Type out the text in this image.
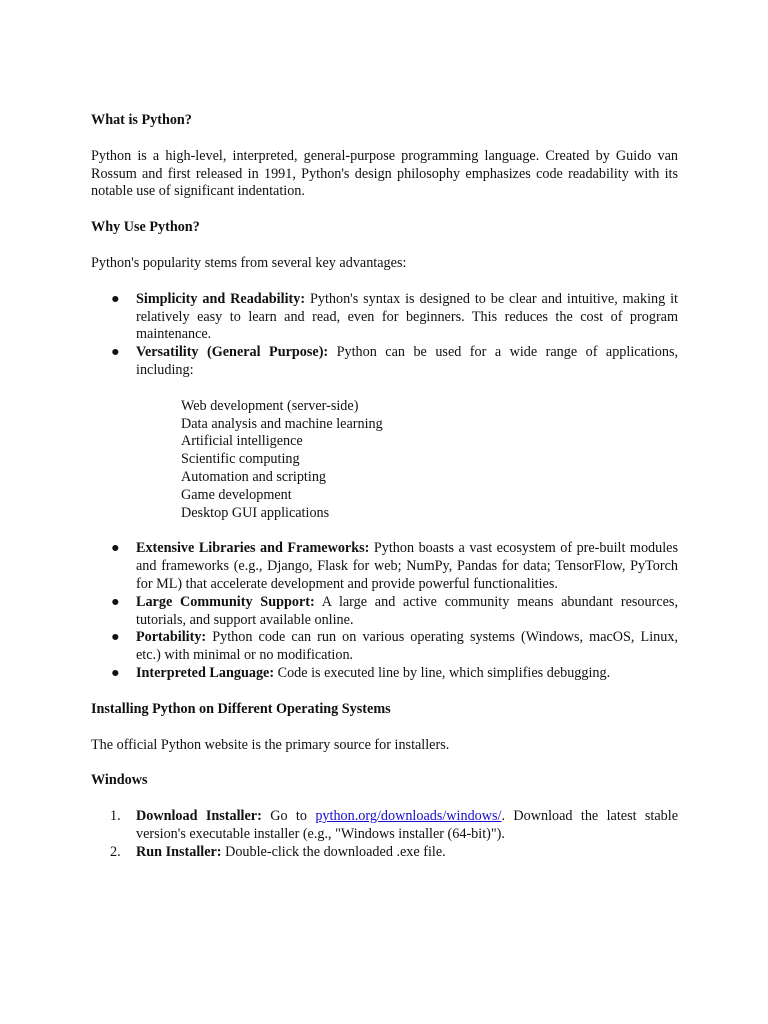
What is Python?
Python is a high-level, interpreted, general-purpose programming language. Created by Guido van Rossum and first released in 1991, Python's design philosophy emphasizes code readability with its notable use of significant indentation.
Why Use Python?
Python's popularity stems from several key advantages:
● Simplicity and Readability: Python's syntax is designed to be clear and intuitive, making it relatively easy to learn and read, even for beginners. This reduces the cost of program maintenance.
● Versatility (General Purpose): Python can be used for a wide range of applications, including:
Web development (server-side)
Data analysis and machine learning
Artificial intelligence
Scientific computing
Automation and scripting
Game development
Desktop GUI applications
● Extensive Libraries and Frameworks: Python boasts a vast ecosystem of pre-built modules and frameworks (e.g., Django, Flask for web; NumPy, Pandas for data; TensorFlow, PyTorch for ML) that accelerate development and provide powerful functionalities.
● Large Community Support: A large and active community means abundant resources, tutorials, and support available online.
● Portability: Python code can run on various operating systems (Windows, macOS, Linux, etc.) with minimal or no modification.
● Interpreted Language: Code is executed line by line, which simplifies debugging.
Installing Python on Different Operating Systems
The official Python website is the primary source for installers.
Windows
1. Download Installer: Go to python.org/downloads/windows/. Download the latest stable version's executable installer (e.g., "Windows installer (64-bit)").
2. Run Installer: Double-click the downloaded .exe file.
